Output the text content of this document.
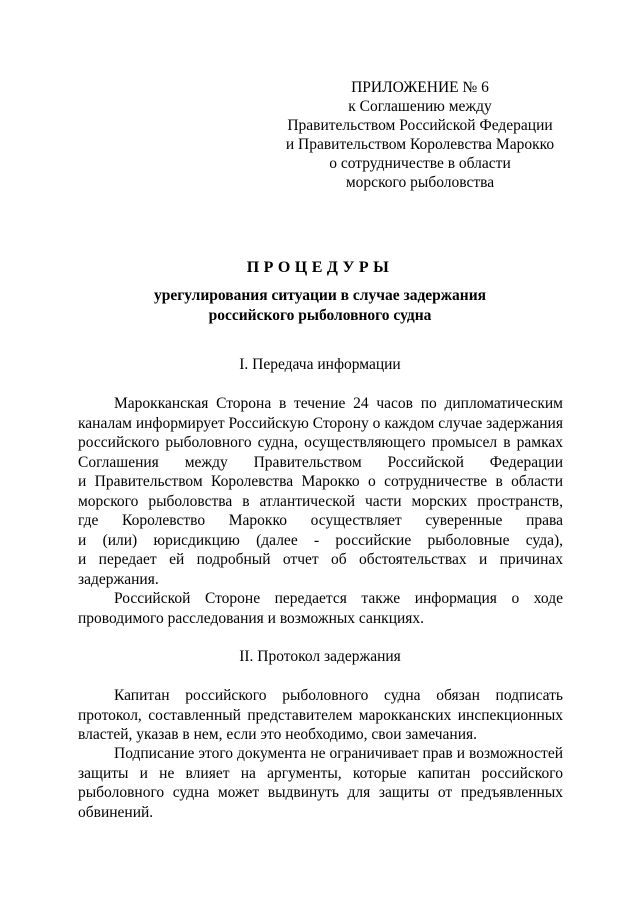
ПРИЛОЖЕНИЕ № 6
к Соглашению между
Правительством Российской Федерации
и Правительством Королевства Марокко
о сотрудничестве в области
морского рыболовства
ПРОЦЕДУРЫ
урегулирования ситуации в случае задержания
российского рыболовного судна
I. Передача информации
Марокканская Сторона в течение 24 часов по дипломатическим
каналам информирует Российскую Сторону о каждом случае задержания
российского рыболовного судна, осуществляющего промысел в рамках
Соглашения между Правительством Российской Федерации
и Правительством Королевства Марокко о сотрудничестве в области
морского рыболовства в атлантической части морских пространств,
где Королевство Марокко осуществляет суверенные права
и (или) юрисдикцию (далее - российские рыболовные суда),
и передает ей подробный отчет об обстоятельствах и причинах
задержания.
Российской Стороне передается также информация о ходе
проводимого расследования и возможных санкциях.
II. Протокол задержания
Капитан российского рыболовного судна обязан подписать
протокол, составленный представителем марокканских инспекционных
властей, указав в нем, если это необходимо, свои замечания.
Подписание этого документа не ограничивает прав и возможностей
защиты и не влияет на аргументы, которые капитан российского
рыболовного судна может выдвинуть для защиты от предъявленных
обвинений.
